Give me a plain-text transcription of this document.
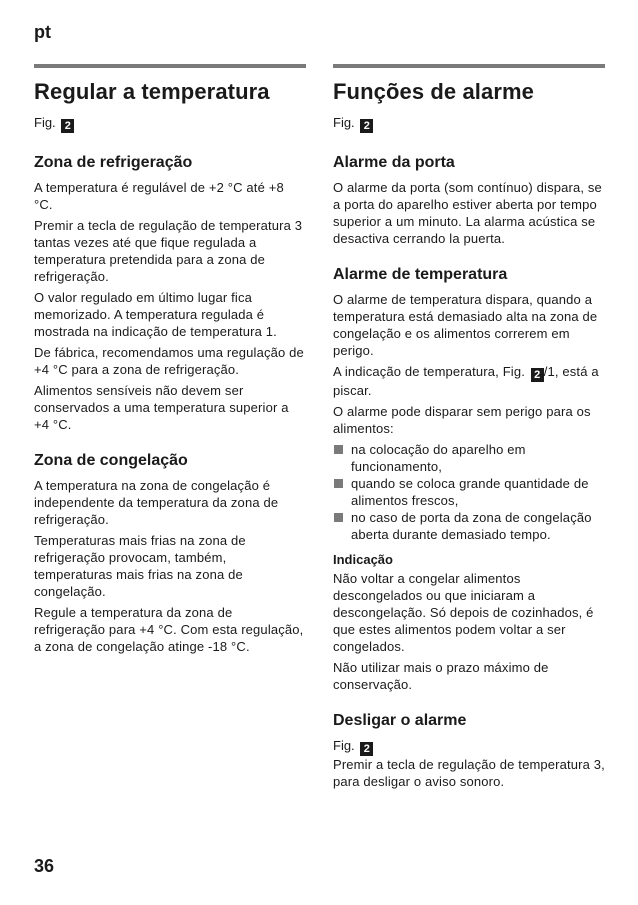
pt
Regular a temperatura
Fig. 2
Zona de refrigeração

A temperatura é regulável de +2 °C até +8 °C.

Premir a tecla de regulação de temperatura 3 tantas vezes até que fique regulada a temperatura pretendida para a zona de refrigeração.

O valor regulado em último lugar fica memorizado. A temperatura regulada é mostrada na indicação de temperatura 1.

De fábrica, recomendamos uma regulação de +4 °C para a zona de refrigeração.

Alimentos sensíveis não devem ser conservados a uma temperatura superior a +4 °C.

Zona de congelação

A temperatura na zona de congelação é independente da temperatura da zona de refrigeração.

Temperaturas mais frias na zona de refrigeração provocam, também, temperaturas mais frias na zona de congelação.

Regule a temperatura da zona de refrigeração para +4 °C. Com esta regulação, a zona de congelação atinge -18 °C.

Funções de alarme
Fig. 2
Alarme da porta

O alarme da porta (som contínuo) dispara, se a porta do aparelho estiver aberta por tempo superior a um minuto. La alarma acústica se desactiva cerrando la puerta.

Alarme de temperatura

O alarme de temperatura dispara, quando a temperatura está demasiado alta na zona de congelação e os alimentos correrem em perigo.

A indicação de temperatura, Fig. 2 /1, está a piscar.

O alarme pode disparar sem perigo para os alimentos:

na colocação do aparelho em funcionamento,
quando se coloca grande quantidade de alimentos frescos,
no caso de porta da zona de congelação aberta durante demasiado tempo.
Indicação

Não voltar a congelar alimentos descongelados ou que iniciaram a descongelação. Só depois de cozinhados, é que estes alimentos podem voltar a ser congelados.

Não utilizar mais o prazo máximo de conservação.

Desligar o alarme
Fig. 2

Premir a tecla de regulação de temperatura 3, para desligar o aviso sonoro.

36
